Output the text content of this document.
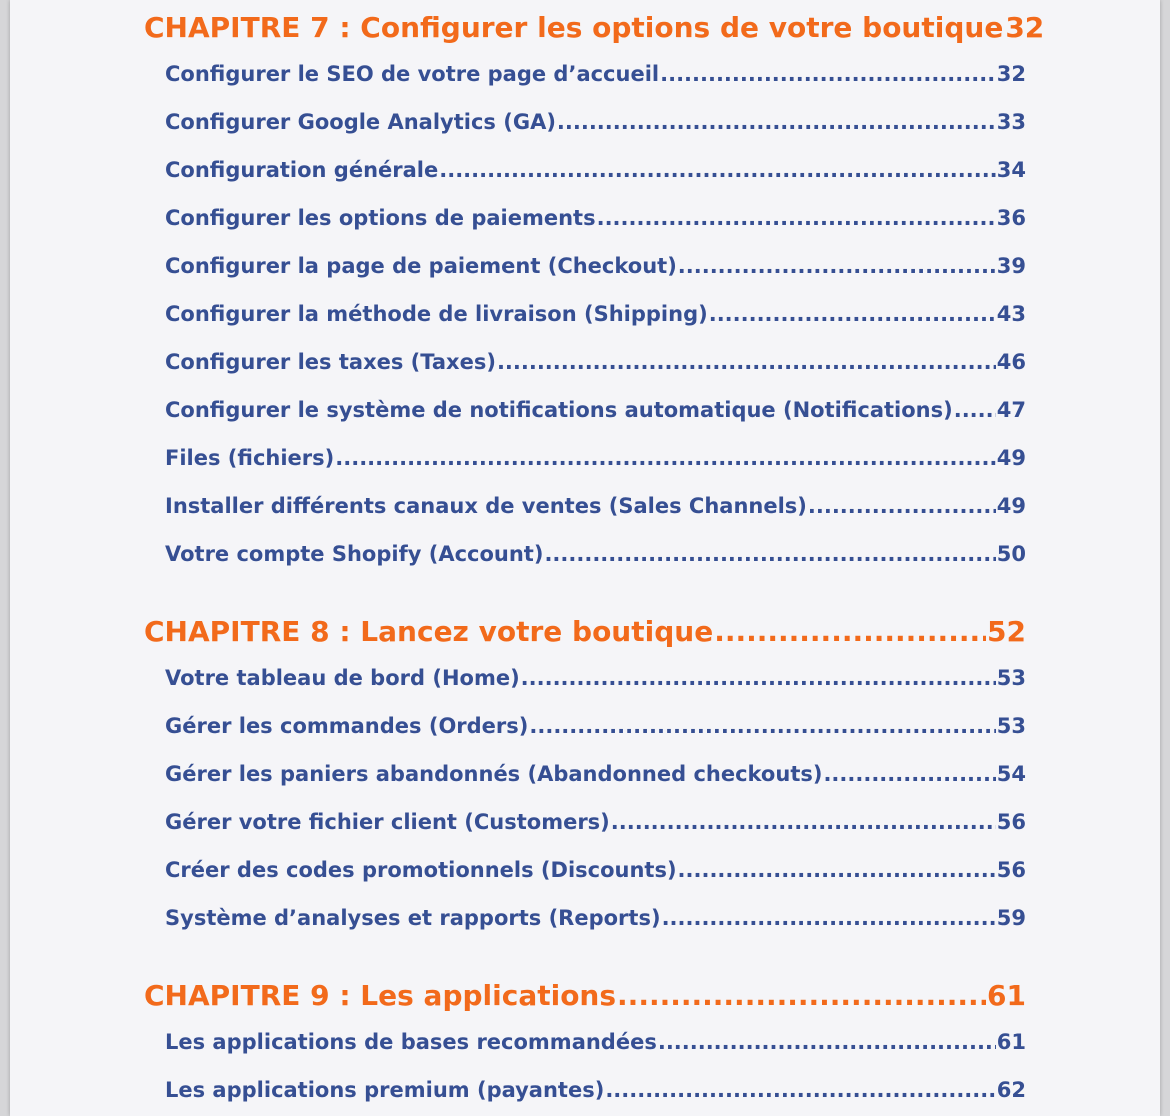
CHAPITRE 7 : Configurer les options de votre boutique 32
Configurer le SEO de votre page d’accueil .....	32
Configurer Google Analytics (GA) .....	33
Configuration générale .....	34
Configurer les options de paiements .....	36
Configurer la page de paiement (Checkout) .....	39
Configurer la méthode de livraison (Shipping) .....	43
Configurer les taxes (Taxes) .....	46
Configurer le système de notifications automatique (Notifications) ..... 47
Files (fichiers) .....	49
Installer différents canaux de ventes (Sales Channels) .....	49
Votre compte Shopify (Account) .....	50
CHAPITRE 8 : Lancez votre boutique .....	52
Votre tableau de bord (Home) .....	53
Gérer les commandes (Orders) .....	53
Gérer les paniers abandonnés (Abandonned checkouts) .....	54
Gérer votre fichier client (Customers) .....	56
Créer des codes promotionnels (Discounts) .....	56
Système d’analyses et rapports (Reports) .....	59
CHAPITRE 9 : Les applications .....	61
Les applications de bases recommandées .....	61
Les applications premium (payantes) .....	62
